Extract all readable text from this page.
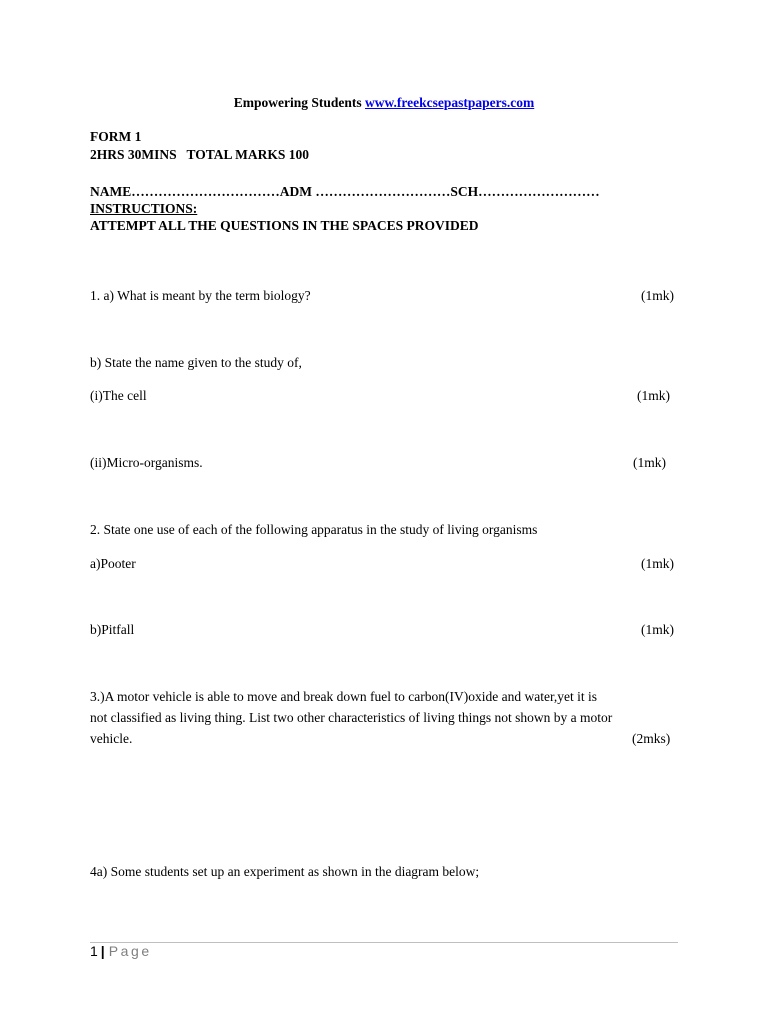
Empowering Students www.freekcsepastpapers.com
FORM 1
2HRS 30MINS   TOTAL MARKS 100
NAME……………………………ADM …………………………SCH………………………
INSTRUCTIONS:
ATTEMPT ALL THE QUESTIONS IN THE SPACES PROVIDED
1. a) What is meant by the term biology?	(1mk)
b) State the name given to the study of,
(i)The cell	(1mk)
(ii)Micro-organisms.	(1mk)
2. State one use of each of the following apparatus in the study of living organisms
a)Pooter	(1mk)
b)Pitfall	(1mk)
3.)A motor vehicle is able to move and break down fuel to carbon(IV)oxide and water,yet it is
not classified as living thing. List two other characteristics of living things not shown by a motor
vehicle.	(2mks)
4a) Some students set up an experiment as shown in the diagram below;
1 | Page
